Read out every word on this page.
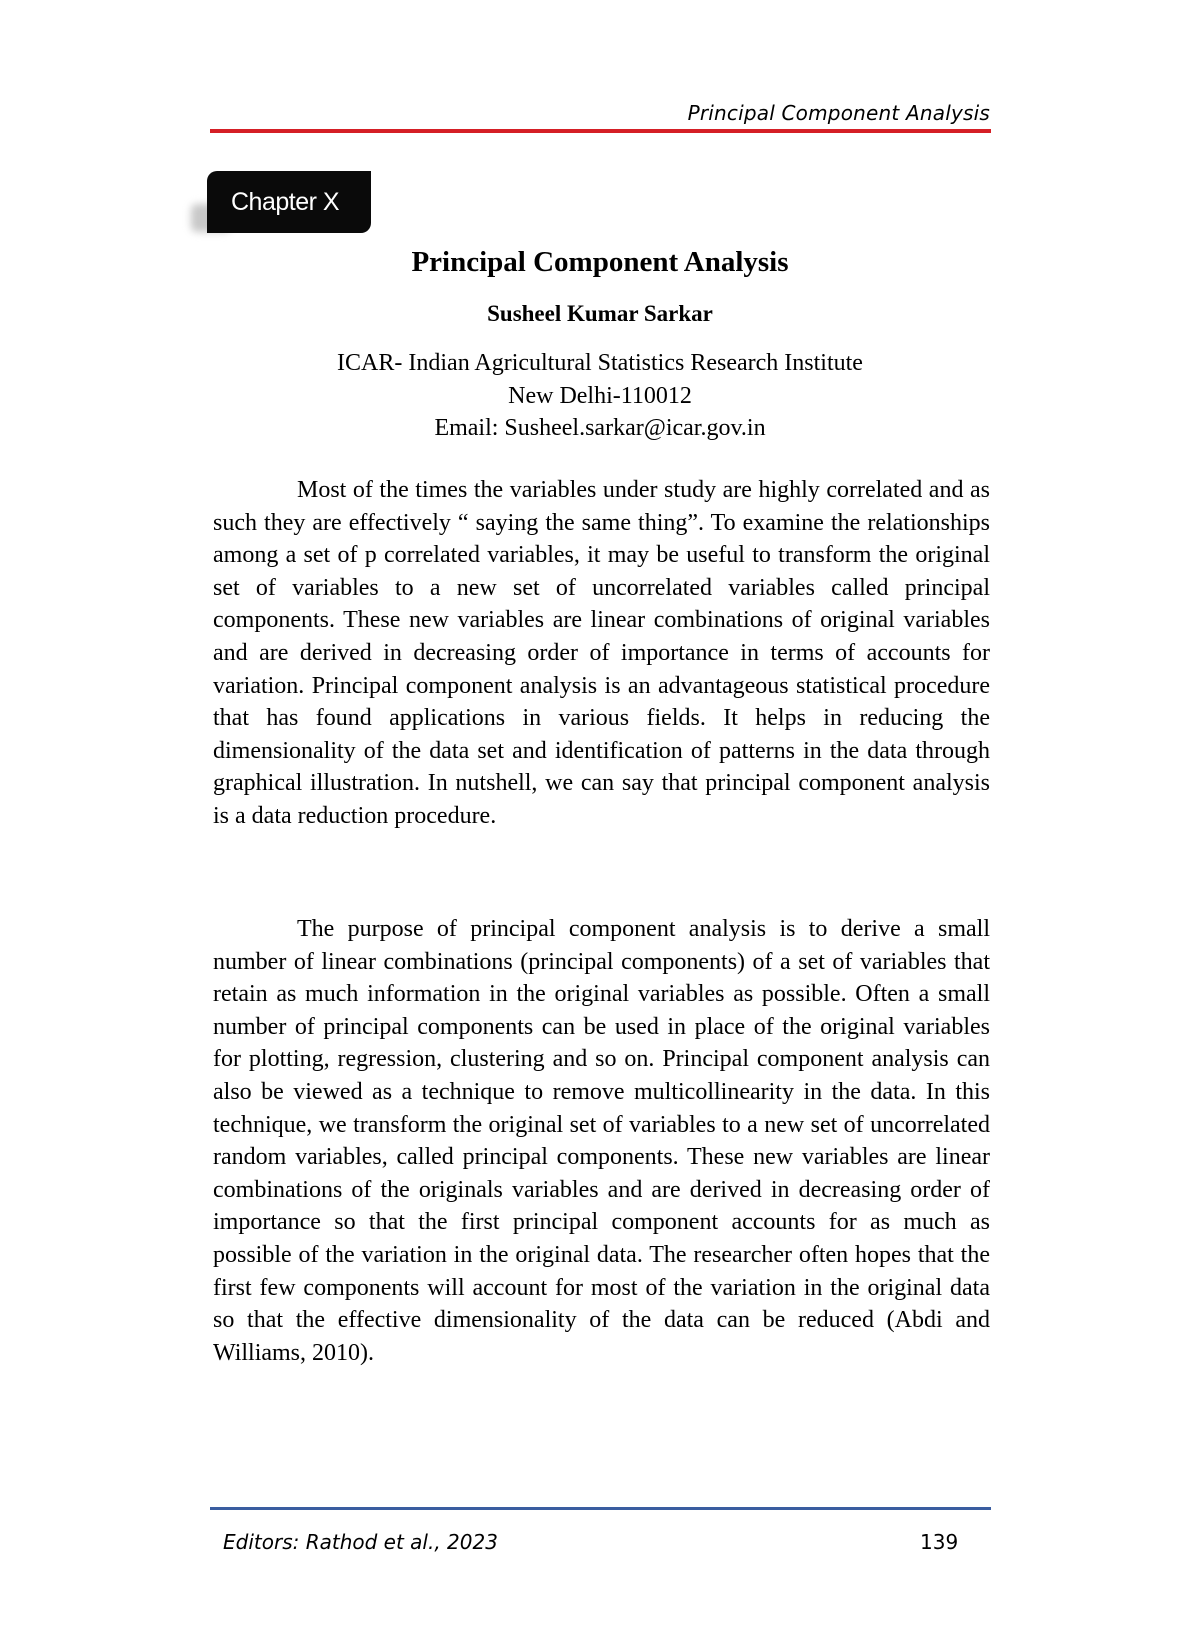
Principal Component Analysis
Chapter X
Principal Component Analysis
Susheel Kumar Sarkar
ICAR- Indian Agricultural Statistics Research Institute
New Delhi-110012
Email: Susheel.sarkar@icar.gov.in

Most of the times the variables under study are highly correlated and as such they are effectively “ saying the same thing”. To examine the relationships among a set of p correlated variables, it may be useful to transform the original set of variables to a new set of uncorrelated variables called principal components. These new variables are linear combinations of original variables and are derived in decreasing order of importance in terms of accounts for variation. Principal component analysis is an advantageous statistical procedure that has found applications in various fields. It helps in reducing the dimensionality of the data set and identification of patterns in the data through graphical illustration. In nutshell, we can say that principal component analysis is a data reduction procedure.

The purpose of principal component analysis is to derive a small number of linear combinations (principal components) of a set of variables that retain as much information in the original variables as possible. Often a small number of principal components can be used in place of the original variables for plotting, regression, clustering and so on. Principal component analysis can also be viewed as a technique to remove multicollinearity in the data. In this technique, we transform the original set of variables to a new set of uncorrelated random variables, called principal components. These new variables are linear combinations of the originals variables and are derived in decreasing order of importance so that the first principal component accounts for as much as possible of the variation in the original data. The researcher often hopes that the first few components will account for most of the variation in the original data so that the effective dimensionality of the data can be reduced (Abdi and Williams, 2010).

Editors: Rathod et al., 2023	139
